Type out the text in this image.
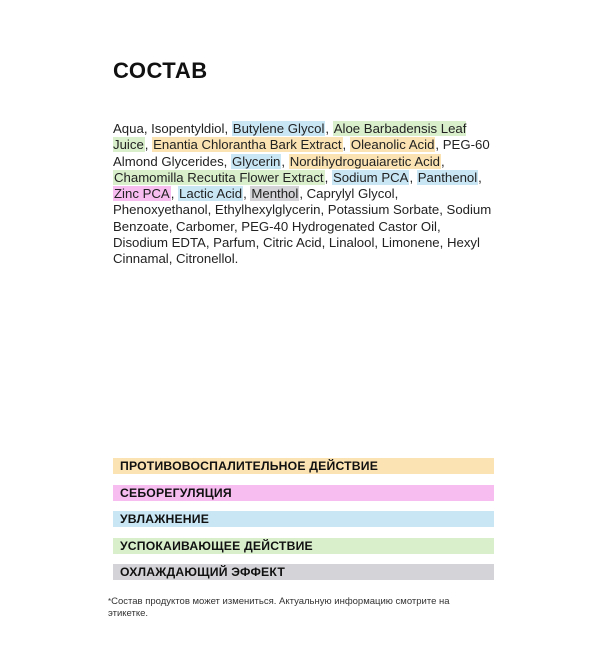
СОСТАВ
Aqua, Isopentyldiol, Butylene Glycol, Aloe Barbadensis Leaf Juice, Enantia Chlorantha Bark Extract, Oleanolic Acid, PEG-60 Almond Glycerides, Glycerin, Nordihydroguaiaretic Acid, Chamomilla Recutita Flower Extract, Sodium PCA, Panthenol, Zinc PCA, Lactic Acid, Menthol, Caprylyl Glycol, Phenoxyethanol, Ethylhexylglycerin, Potassium Sorbate, Sodium Benzoate, Carbomer, PEG-40 Hydrogenated Castor Oil, Disodium EDTA, Parfum, Citric Acid, Linalool, Limonene, Hexyl Cinnamal, Citronellol.
ПРОТИВОВОСПАЛИТЕЛЬНОЕ ДЕЙСТВИЕ
СЕБОРЕГУЛЯЦИЯ
УВЛАЖНЕНИЕ
УСПОКАИВАЮЩЕЕ ДЕЙСТВИЕ
ОХЛАЖДАЮЩИЙ ЭФФЕКТ
*Состав продуктов может измениться. Актуальную информацию смотрите на этикетке.
